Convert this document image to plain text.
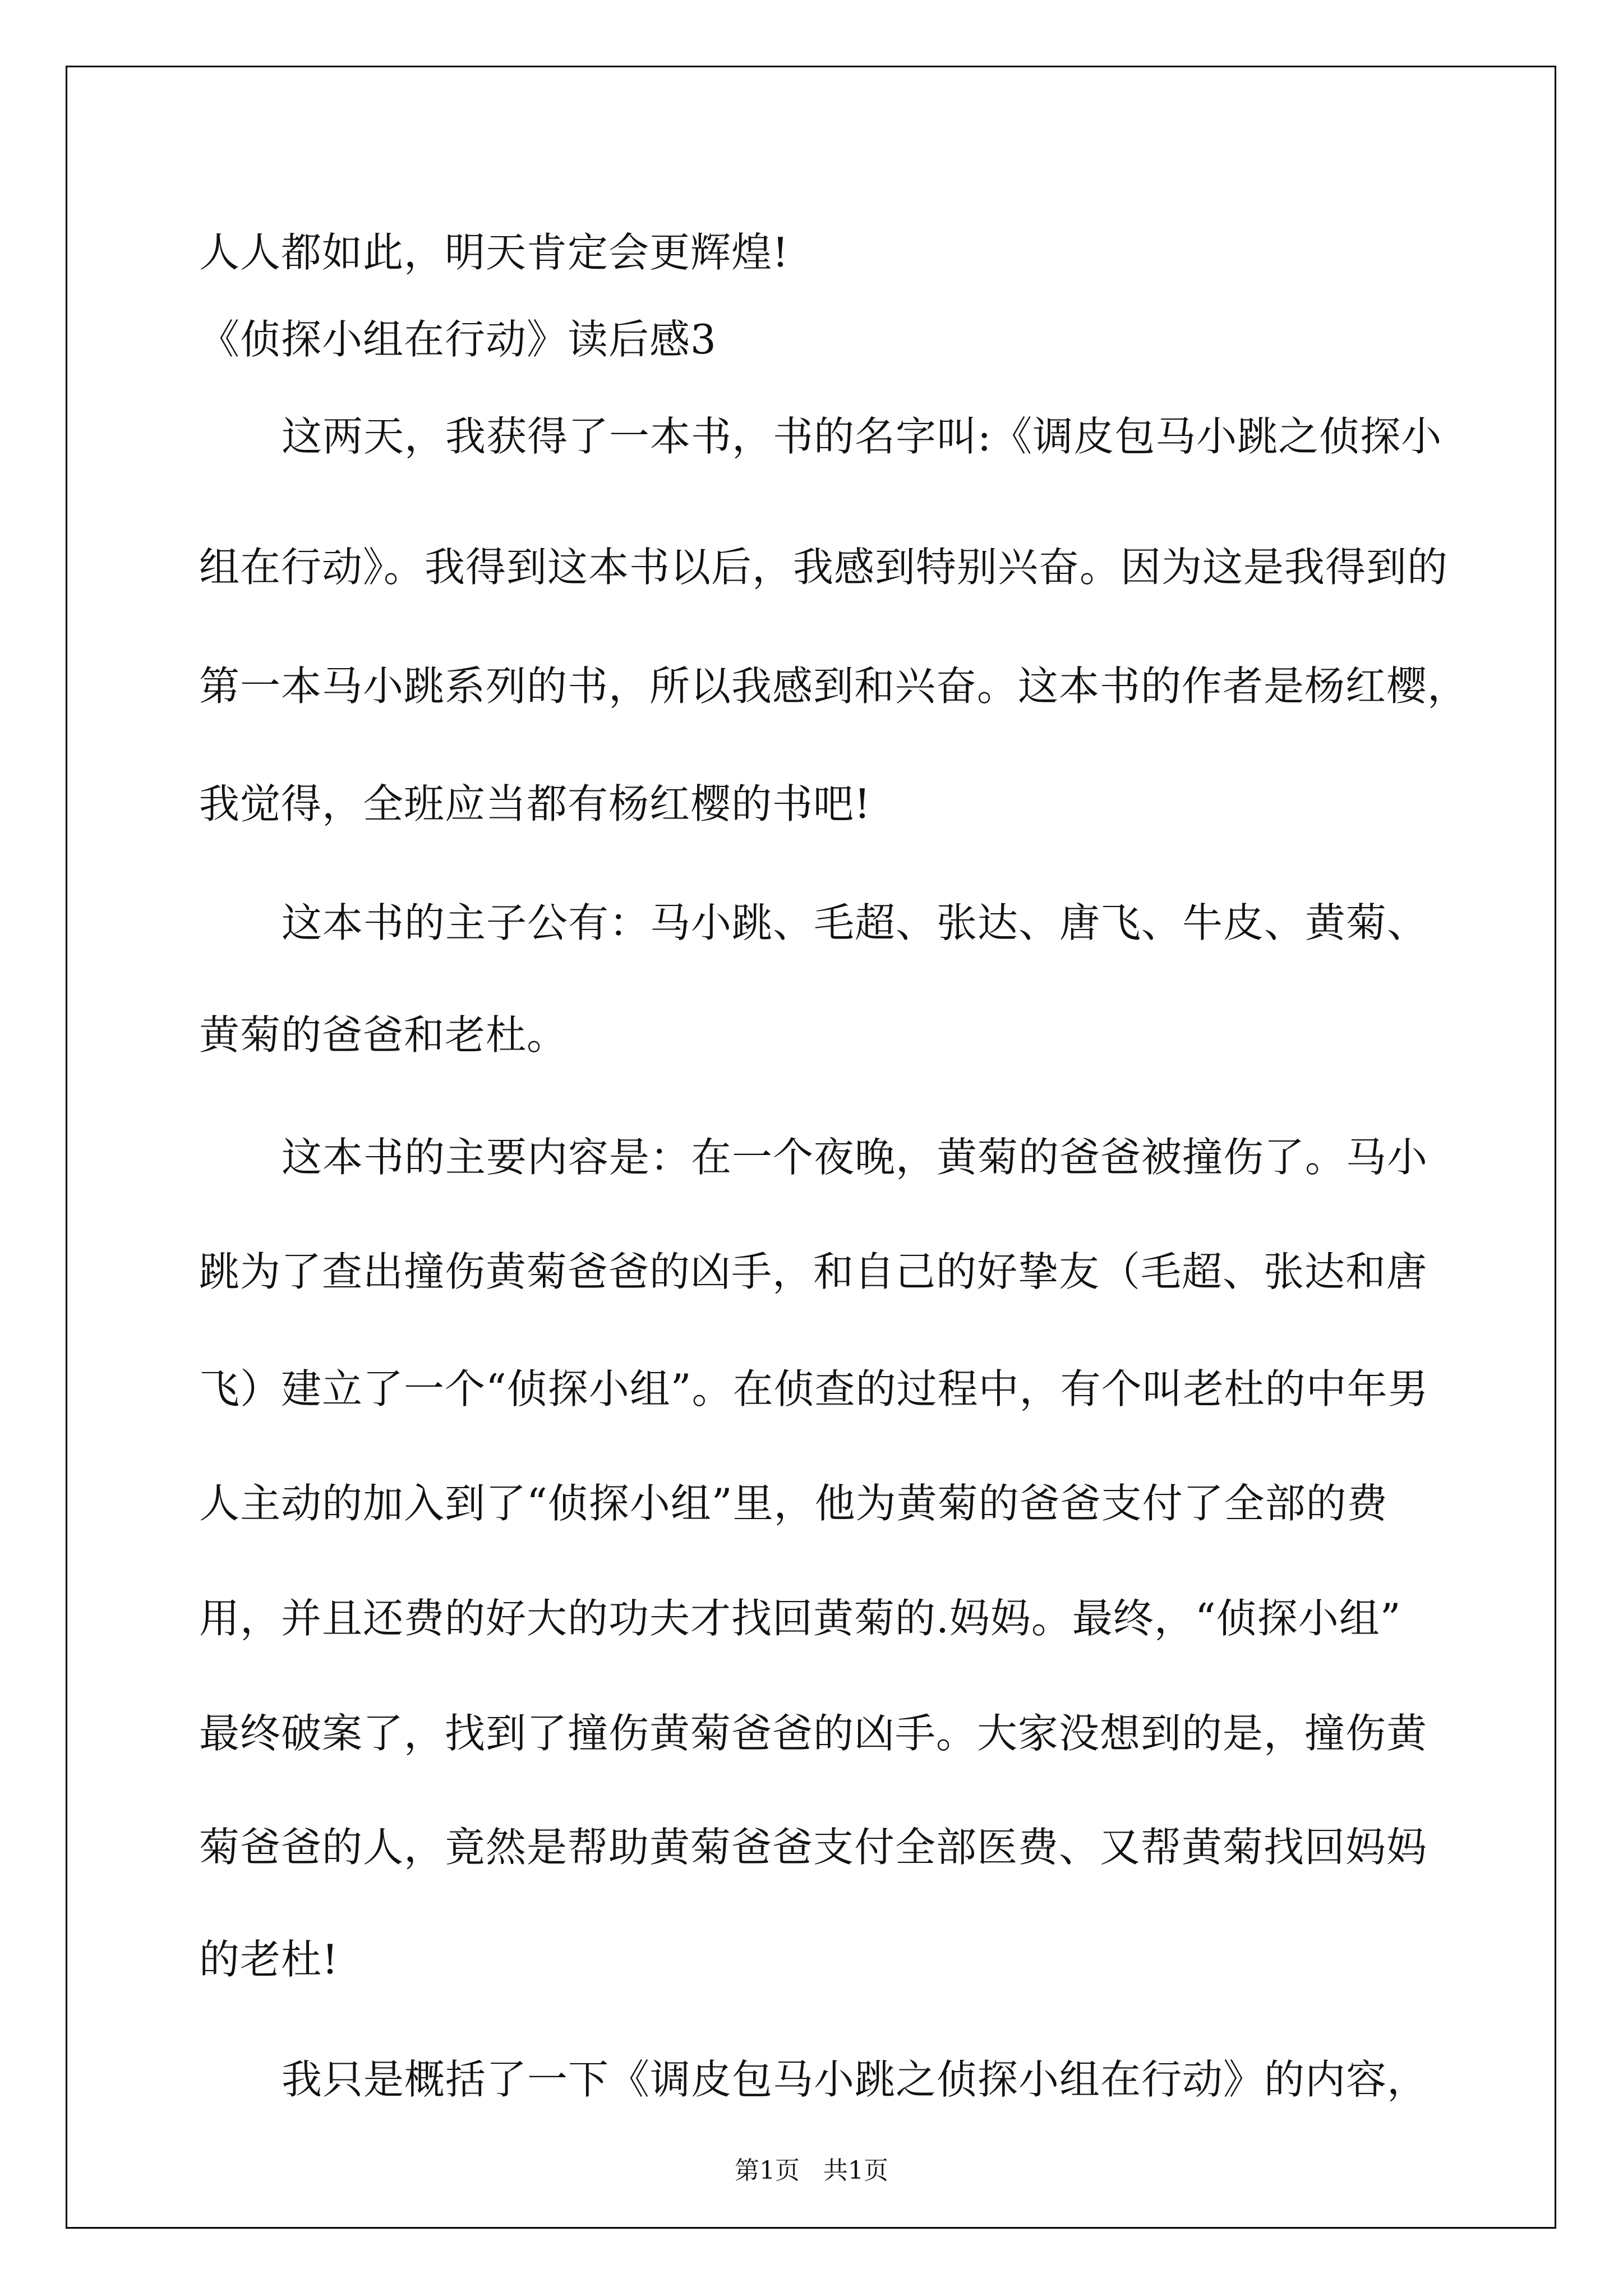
人人都如此，明天肯定会更辉煌!

《侦探小组在行动》读后感3

这两天，我获得了一本书，书的名字叫:《调皮包马小跳之侦探小

组在行动》。我得到这本书以后，我感到特别兴奋。因为这是我得到的

第一本马小跳系列的书，所以我感到和兴奋。这本书的作者是杨红樱，

我觉得，全班应当都有杨红樱的书吧!

这本书的主子公有：马小跳、毛超、张达、唐飞、牛皮、黄菊、

黄菊的爸爸和老杜。

这本书的主要内容是：在一个夜晚，黄菊的爸爸被撞伤了。马小

跳为了查出撞伤黄菊爸爸的凶手，和自己的好挚友（毛超、张达和唐

飞）建立了一个“侦探小组”。在侦查的过程中，有个叫老杜的中年男

人主动的加入到了“侦探小组”里，他为黄菊的爸爸支付了全部的费

用，并且还费的好大的功夫才找回黄菊的.妈妈。最终，“侦探小组”

最终破案了，找到了撞伤黄菊爸爸的凶手。大家没想到的是，撞伤黄

菊爸爸的人，竟然是帮助黄菊爸爸支付全部医费、又帮黄菊找回妈妈

的老杜!

我只是概括了一下《调皮包马小跳之侦探小组在行动》的内容，

第1页   共1页
